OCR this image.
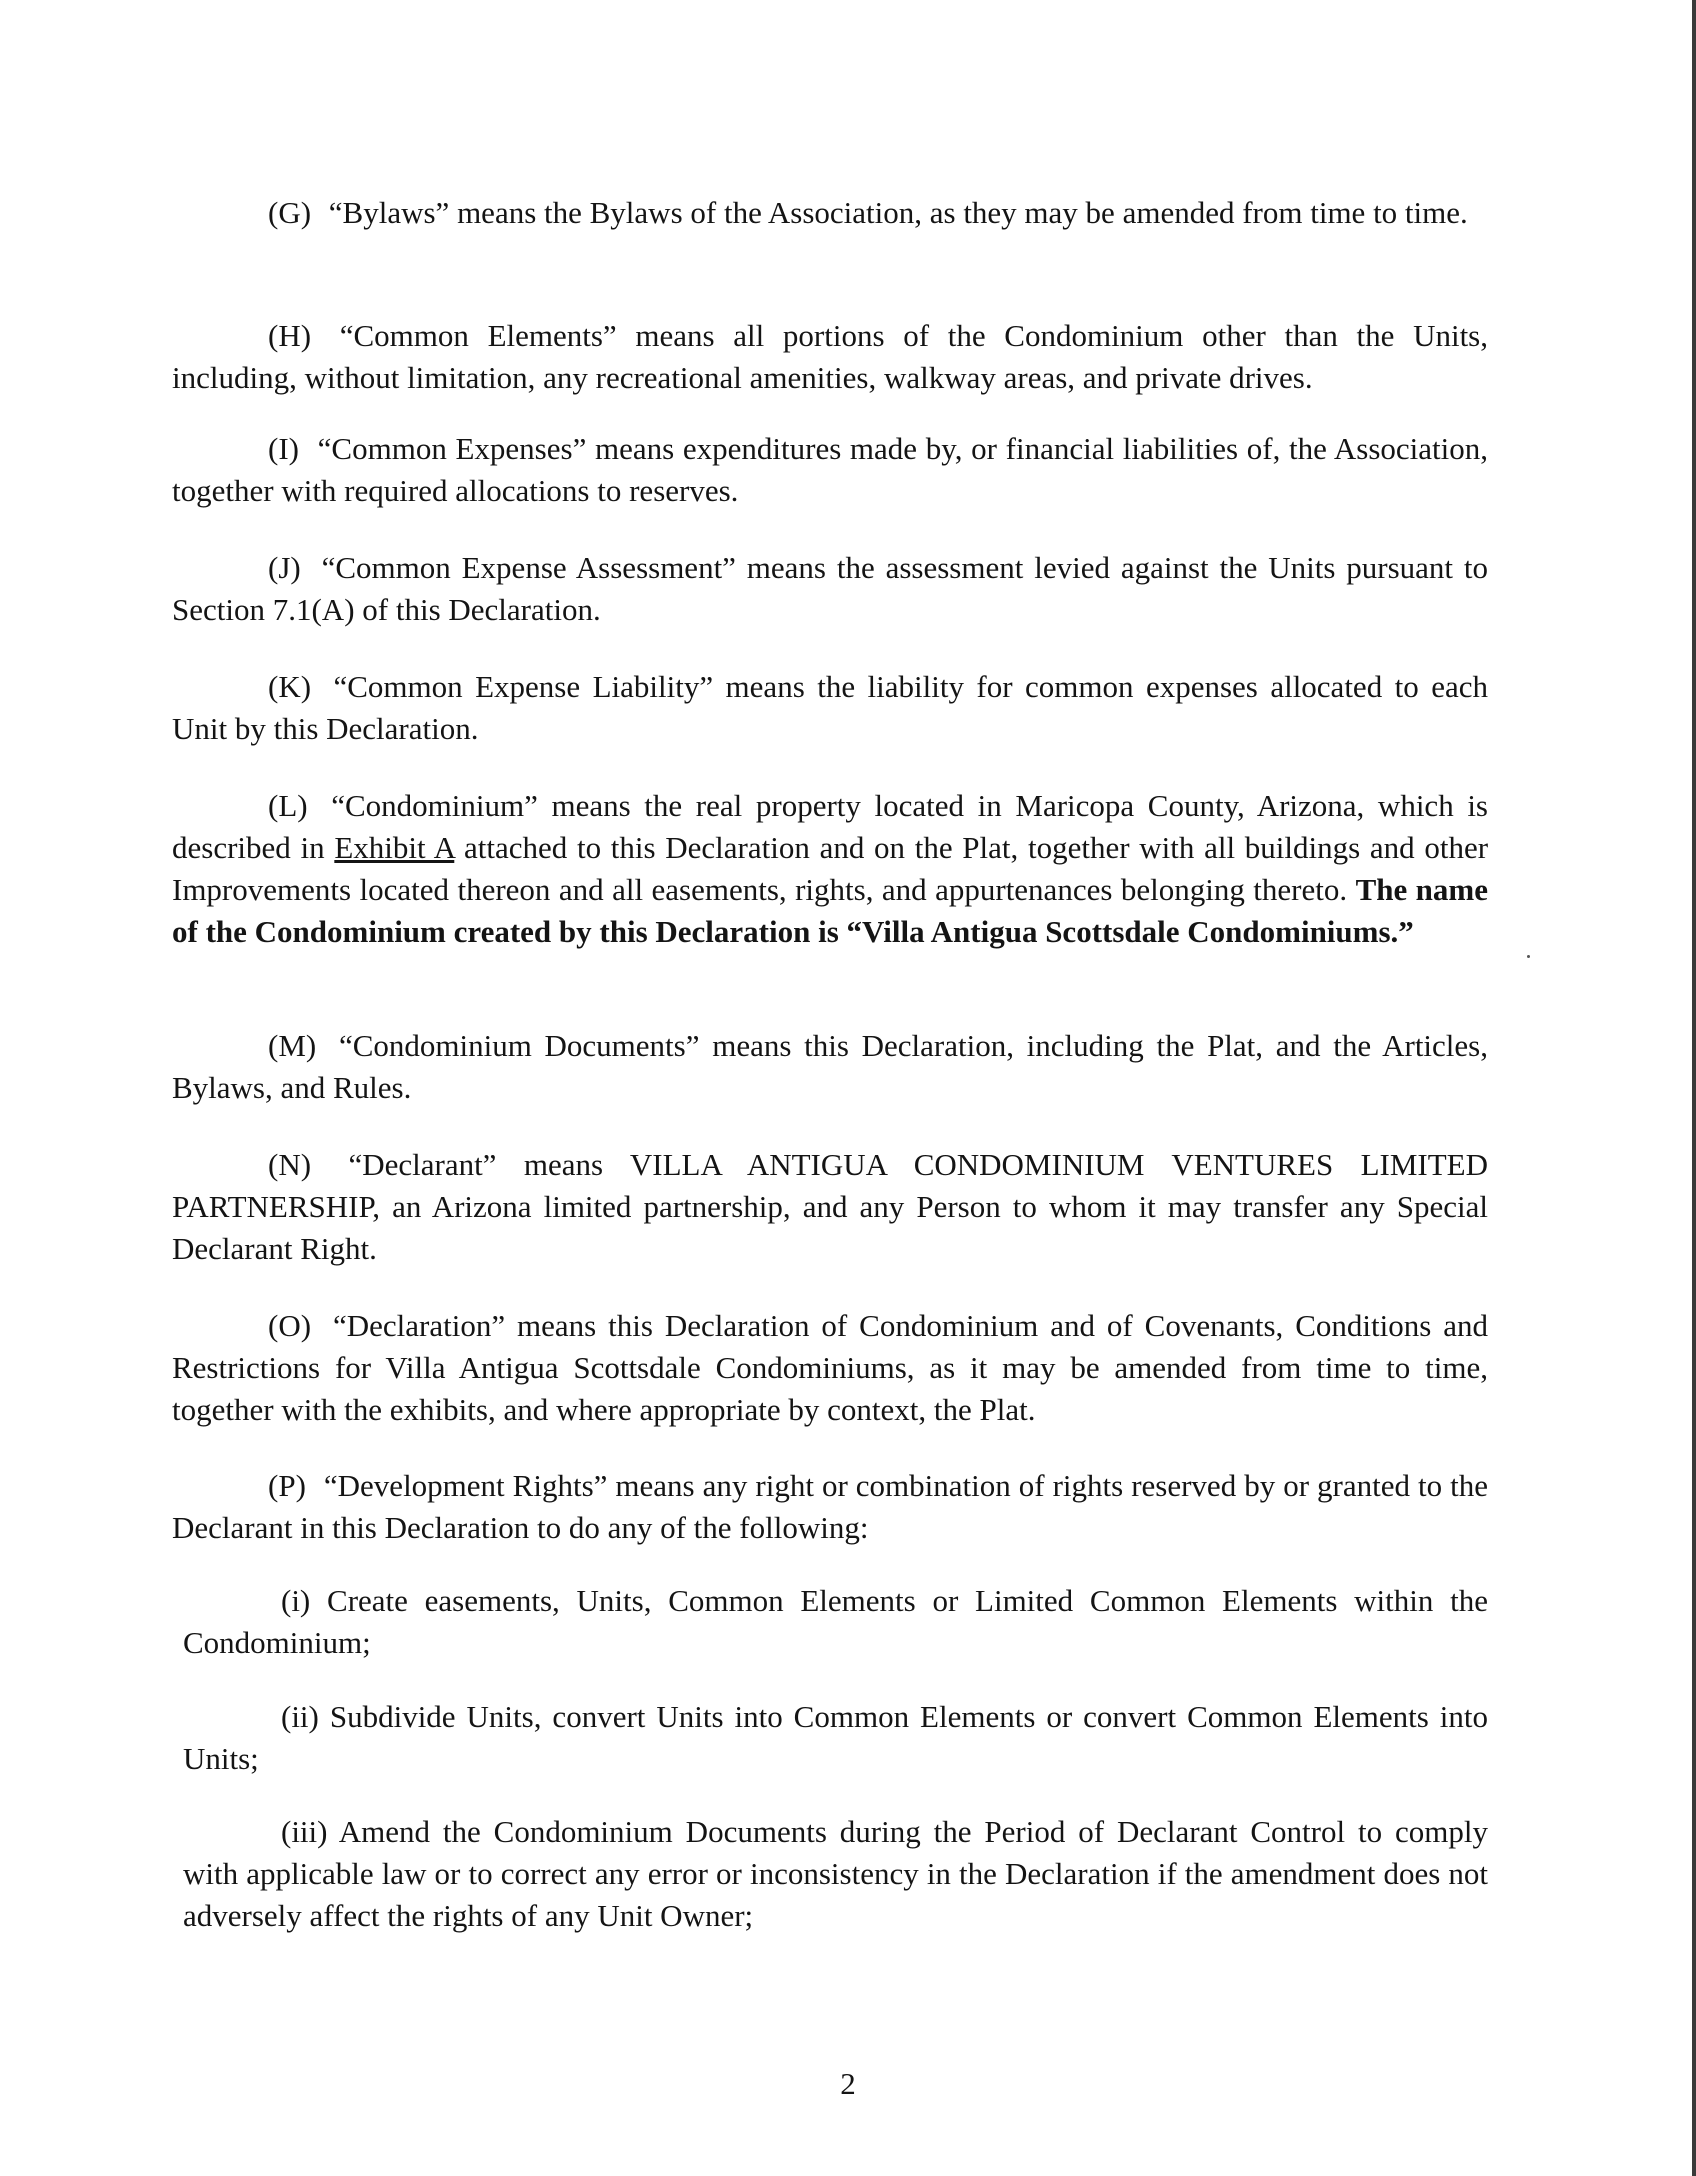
(G) “Bylaws” means the Bylaws of the Association, as they may be amended from time to time.

(H) “Common Elements” means all portions of the Condominium other than the Units, including, without limitation, any recreational amenities, walkway areas, and private drives.

(I) “Common Expenses” means expenditures made by, or financial liabilities of, the Association, together with required allocations to reserves.

(J) “Common Expense Assessment” means the assessment levied against the Units pursuant to Section 7.1(A) of this Declaration.

(K) “Common Expense Liability” means the liability for common expenses allocated to each Unit by this Declaration.

(L) “Condominium” means the real property located in Maricopa County, Arizona, which is described in Exhibit A attached to this Declaration and on the Plat, together with all buildings and other Improvements located thereon and all easements, rights, and appurtenances belonging thereto. The name of the Condominium created by this Declaration is “Villa Antigua Scottsdale Condominiums.”

(M) “Condominium Documents” means this Declaration, including the Plat, and the Articles, Bylaws, and Rules.

(N) “Declarant” means VILLA ANTIGUA CONDOMINIUM VENTURES LIMITED PARTNERSHIP, an Arizona limited partnership, and any Person to whom it may transfer any Special Declarant Right.

(O) “Declaration” means this Declaration of Condominium and of Covenants, Conditions and Restrictions for Villa Antigua Scottsdale Condominiums, as it may be amended from time to time, together with the exhibits, and where appropriate by context, the Plat.

(P) “Development Rights” means any right or combination of rights reserved by or granted to the Declarant in this Declaration to do any of the following:

(i) Create easements, Units, Common Elements or Limited Common Elements within the Condominium;

(ii) Subdivide Units, convert Units into Common Elements or convert Common Elements into Units;

(iii) Amend the Condominium Documents during the Period of Declarant Control to comply with applicable law or to correct any error or inconsistency in the Declaration if the amendment does not adversely affect the rights of any Unit Owner;

2
